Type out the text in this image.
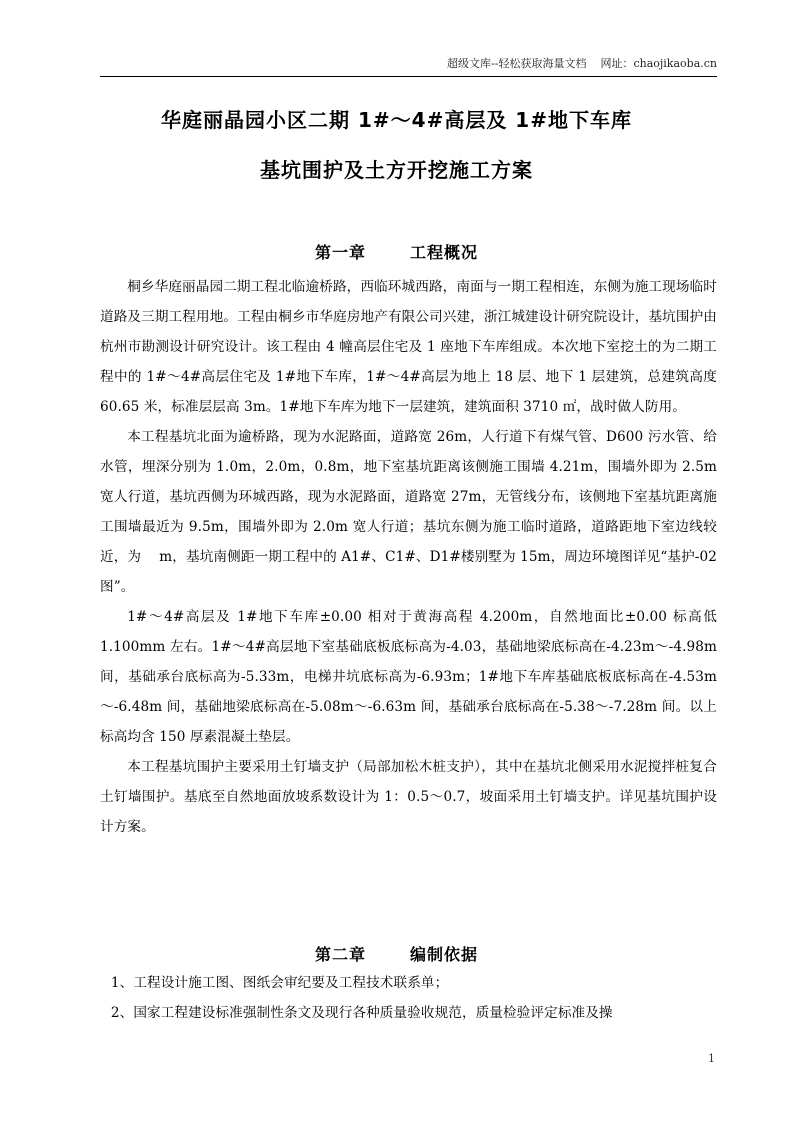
超级文库--轻松获取海量文档 网址：chaojikaoba.cn
华庭丽晶园小区二期 1#～4#高层及 1#地下车库
基坑围护及土方开挖施工方案
第一章	工程概况

桐乡华庭丽晶园二期工程北临逾桥路，西临环城西路，南面与一期工程相连，东侧为施工现场临时道路及三期工程用地。工程由桐乡市华庭房地产有限公司兴建，浙江城建设计研究院设计，基坑围护由杭州市勘测设计研究设计。该工程由 4 幢高层住宅及 1 座地下车库组成。本次地下室挖土的为二期工程中的 1#～4#高层住宅及 1#地下车库，1#～4#高层为地上 18 层、地下 1 层建筑，总建筑高度 60.65 米，标准层层高 3m。1#地下车库为地下一层建筑，建筑面积 3710 ㎡，战时做人防用。

本工程基坑北面为逾桥路，现为水泥路面，道路宽 26m，人行道下有煤气管、D600 污水管、给水管，埋深分别为 1.0m，2.0m，0.8m，地下室基坑距离该侧施工围墙 4.21m，围墙外即为 2.5m 宽人行道，基坑西侧为环城西路，现为水泥路面，道路宽 27m，无管线分布，该侧地下室基坑距离施工围墙最近为 9.5m，围墙外即为 2.0m 宽人行道；基坑东侧为施工临时道路，道路距地下室边线较近，为　 m，基坑南侧距一期工程中的 A1#、C1#、D1#楼别墅为 15m，周边环境图详见“基护-02 图”。

1#～4#高层及 1#地下车库±0.00 相对于黄海高程 4.200m，自然地面比±0.00 标高低 1.100mm 左右。1#～4#高层地下室基础底板底标高为-4.03，基础地梁底标高在-4.23m～-4.98m 间，基础承台底标高为-5.33m，电梯井坑底标高为-6.93m；1#地下车库基础底板底标高在-4.53m～-6.48m 间，基础地梁底标高在-5.08m～-6.63m 间，基础承台底标高在-5.38～-7.28m 间。以上标高均含 150 厚素混凝土垫层。

本工程基坑围护主要采用土钉墙支护（局部加松木桩支护），其中在基坑北侧采用水泥搅拌桩复合土钉墙围护。基底至自然地面放坡系数设计为 1：0.5～0.7，坡面采用土钉墙支护。详见基坑围护设计方案。

第二章	编制依据

1、工程设计施工图、图纸会审纪要及工程技术联系单；

2、国家工程建设标准强制性条文及现行各种质量验收规范，质量检验评定标准及操

1
